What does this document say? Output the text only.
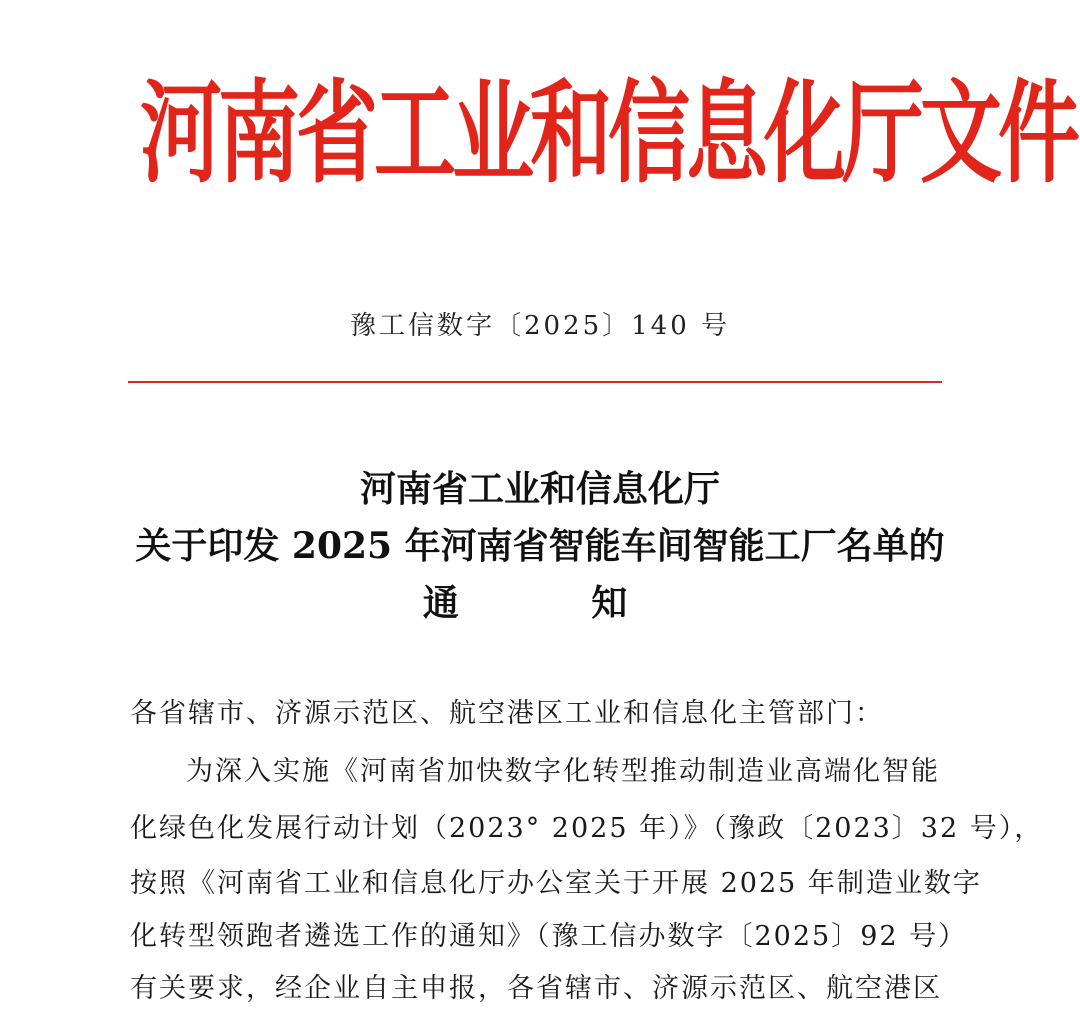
河南省工业和信息化厅文件
豫工信数字〔2025〕140 号
河南省工业和信息化厅
关于印发 2025 年河南省智能车间智能工厂名单的
通 知
各省辖市、济源示范区、航空港区工业和信息化主管部门：
为深入实施《河南省加快数字化转型推动制造业高端化智能
化绿色化发展行动计划（2023° 2025 年）》（豫政〔2023〕32 号），
按照《河南省工业和信息化厅办公室关于开展 2025 年制造业数字
化转型领跑者遴选工作的通知》（豫工信办数字〔2025〕92 号）
有关要求，经企业自主申报，各省辖市、济源示范区、航空港区
